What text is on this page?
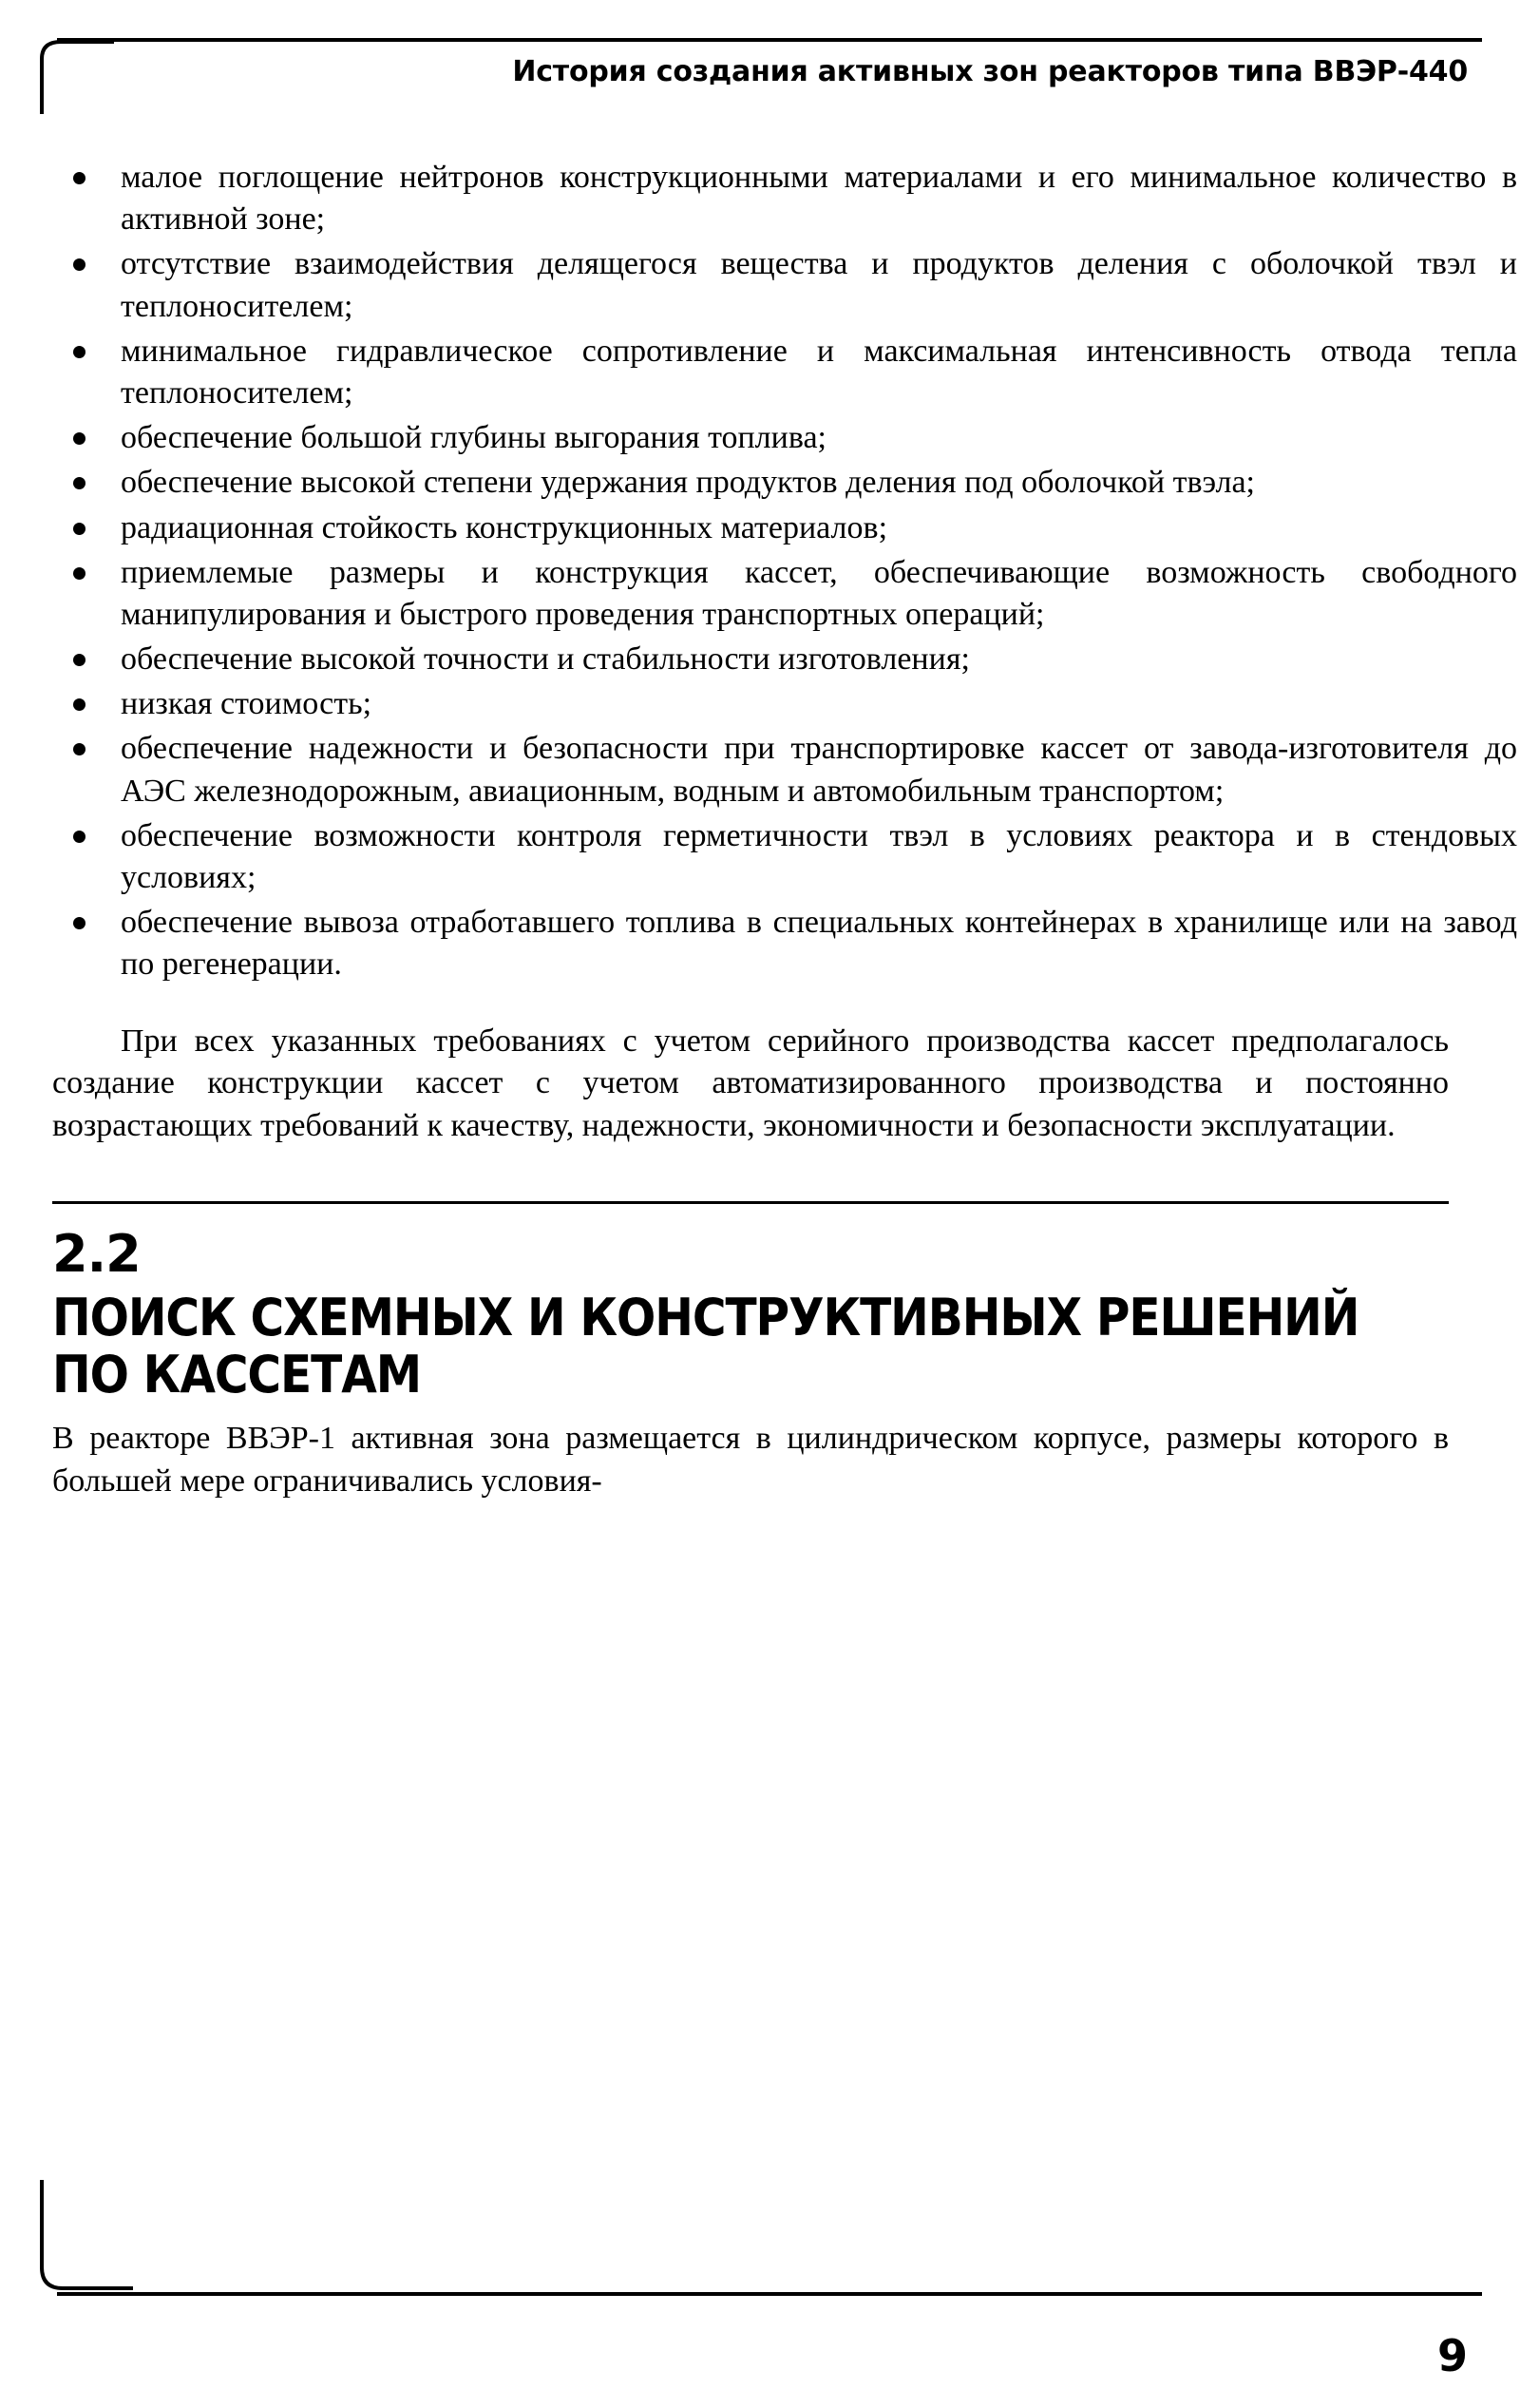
История создания активных зон реакторов типа ВВЭР-440
малое поглощение нейтронов конструкционными материалами и его минимальное количество в активной зоне;
отсутствие взаимодействия делящегося вещества и продуктов деления с оболочкой твэл и теплоносителем;
минимальное гидравлическое сопротивление и максимальная интенсивность отвода тепла теплоносителем;
обеспечение большой глубины выгорания топлива;
обеспечение высокой степени удержания продуктов деления под оболочкой твэла;
радиационная стойкость конструкционных материалов;
приемлемые размеры и конструкция кассет, обеспечивающие возможность свободного манипулирования и быстрого проведения транспортных операций;
обеспечение высокой точности и стабильности изготовления;
низкая стоимость;
обеспечение надежности и безопасности при транспортировке кассет от завода-изготовителя до АЭС железнодорожным, авиационным, водным и автомобильным транспортом;
обеспечение возможности контроля герметичности твэл в условиях реактора и в стендовых условиях;
обеспечение вывоза отработавшего топлива в специальных контейнерах в хранилище или на завод по регенерации.

При всех указанных требованиях с учетом серийного производства кассет предполагалось создание конструкции кассет с учетом автоматизированного производства и постоянно возрастающих требований к качеству, надежности, экономичности и безопасности эксплуатации.

2.2
ПОИСК СХЕМНЫХ И КОНСТРУКТИВНЫХ РЕШЕНИЙ ПО КАССЕТАМ

В реакторе ВВЭР-1 активная зона размещается в цилиндрическом корпусе, размеры которого в большей мере ограничивались условия-

9
